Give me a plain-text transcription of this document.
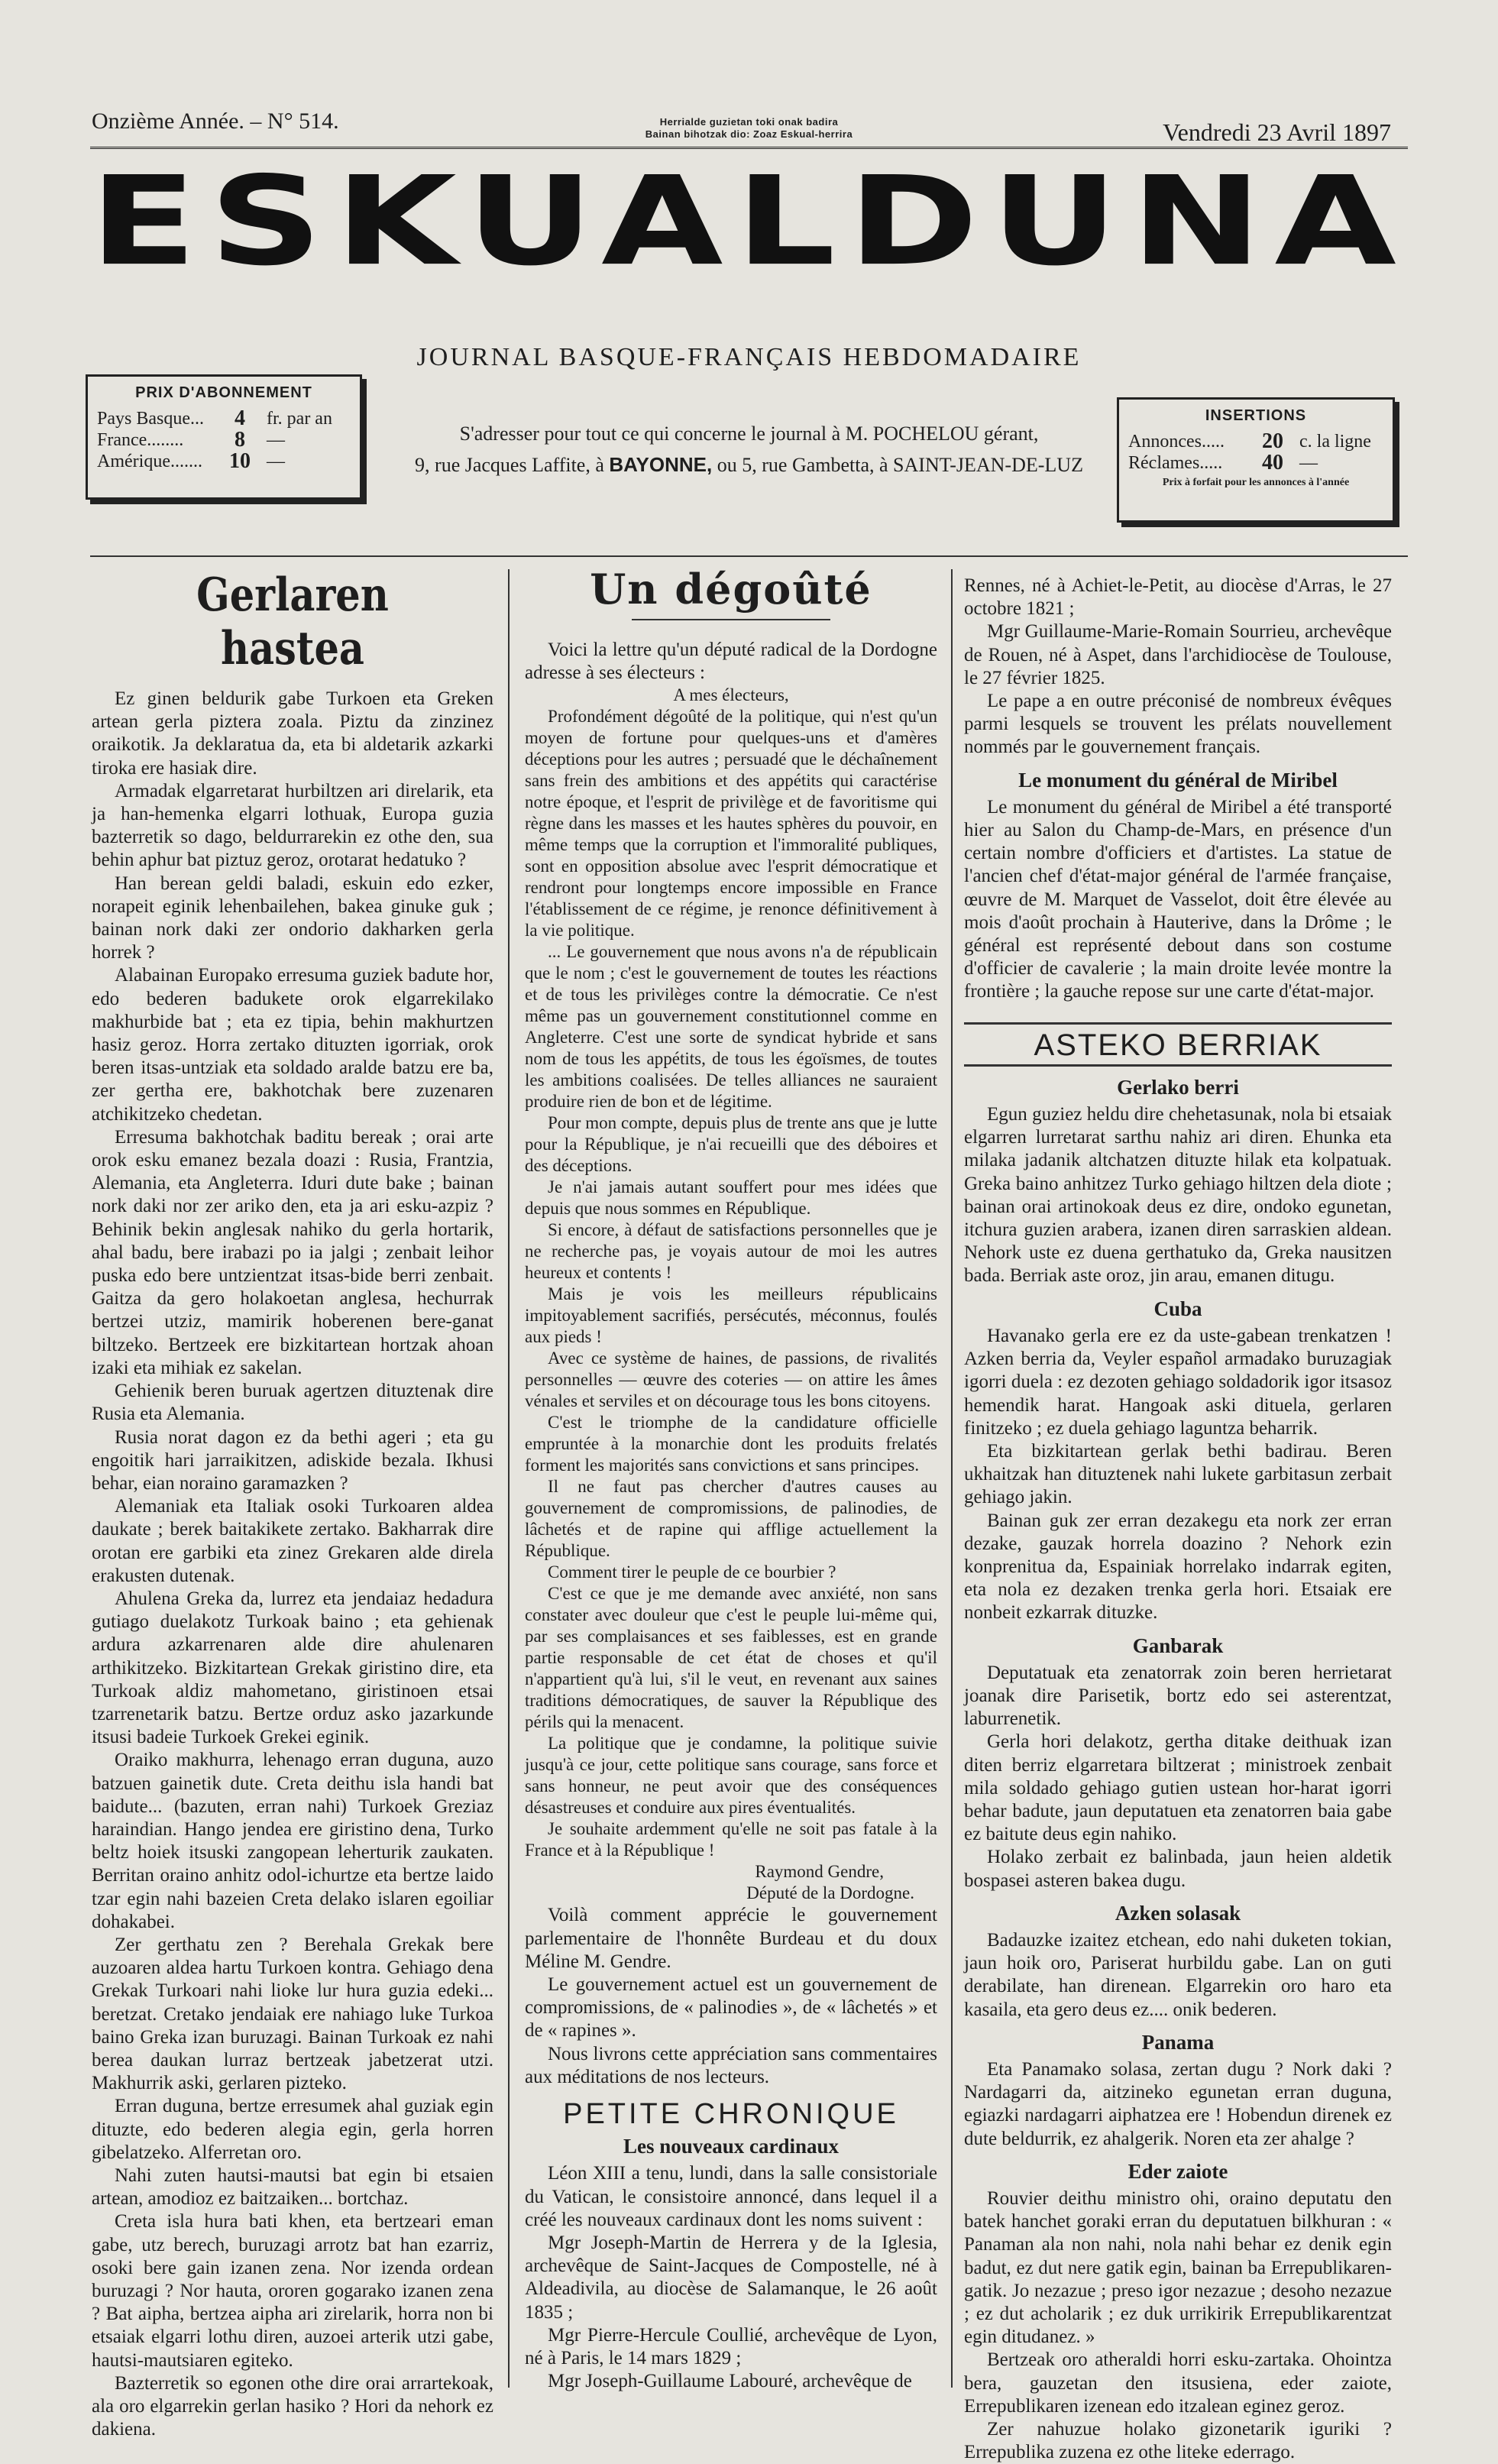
Onzième Année. – N° 514.	Herrialde guzietan toki onak badira
Bainan bihotzak dio: Zoaz Eskual-herrira	Vendredi 23 Avril 1897
ESKUALDUNA
JOURNAL BASQUE-FRANÇAIS HEBDOMADAIRE
PRIX D'ABONNEMENT
Pays Basque...	4	fr. par an
France........	8	—
Amérique.......	10 —
S'adresser pour tout ce qui concerne le journal à M. POCHELOU gérant,
9, rue Jacques Laffite, à BAYONNE, ou 5, rue Gambetta, à SAINT-JEAN-DE-LUZ
INSERTIONS
Annonces.....	20 c. la ligne
Réclames.....	40 —
Prix à forfait pour les annonces à l'année
Gerlaren hastea

Ez ginen beldurik gabe Turkoen eta Greken artean gerla piztera zoala. Piztu da zinzinez oraikotik. Ja deklaratua da, eta bi aldetarik azkarki tiroka ere hasiak dire.

Armadak elgarretarat hurbiltzen ari direlarik, eta ja han-hemenka elgarri lothuak, Europa guzia bazterretik so dago, beldurrarekin ez othe den, sua behin aphur bat piztuz geroz, orotarat hedatuko ?

Han berean geldi baladi, eskuin edo ezker, norapeit eginik lehenbailehen, bakea ginuke guk ; bainan nork daki zer ondorio dakharken gerla horrek ?

Alabainan Europako erresuma guziek badute hor, edo bederen badukete orok elgarrekilako makhurbide bat ; eta ez tipia, behin makhurtzen hasiz geroz. Horra zertako dituzten igorriak, orok beren itsas-untziak eta soldado aralde batzu ere ba, zer gertha ere, bakhotchak bere zuzenaren atchikitzeko chedetan.

Erresuma bakhotchak baditu bereak ; orai arte orok esku emanez bezala doazi : Rusia, Frantzia, Alemania, eta Angleterra. Iduri dute bake ; bainan nork daki nor zer ariko den, eta ja ari esku-azpiz ? Behinik bekin anglesak nahiko du gerla hortarik, ahal badu, bere irabazi po ia jalgi ; zenbait leihor puska edo bere untzientzat itsas-bide berri zenbait. Gaitza da gero holakoetan anglesa, hechurrak bertzei utziz, mamirik hoberenen bere-ganat biltzeko. Bertzeek ere bizkitartean hortzak ahoan izaki eta mihiak ez sakelan.

Gehienik beren buruak agertzen dituztenak dire Rusia eta Alemania.

Rusia norat dagon ez da bethi ageri ; eta gu engoitik hari jarraikitzen, adiskide bezala. Ikhusi behar, eian noraino garamazken ?

Alemaniak eta Italiak osoki Turkoaren aldea daukate ; berek baitakikete zertako. Bakharrak dire orotan ere garbiki eta zinez Grekaren alde direla erakusten dutenak.

Ahulena Greka da, lurrez eta jendaiaz hedadura gutiago duelakotz Turkoak baino ; eta gehienak ardura azkarrenaren alde dire ahulenaren arthikitzeko. Bizkitartean Grekak giristino dire, eta Turkoak aldiz mahometano, giristinoen etsai tzarrenetarik batzu. Bertze orduz asko jazarkunde itsusi badeie Turkoek Grekei eginik.

Oraiko makhurra, lehenago erran duguna, auzo batzuen gainetik dute. Creta deithu isla handi bat baidute... (bazuten, erran nahi) Turkoek Greziaz haraindian. Hango jendea ere giristino dena, Turko beltz hoiek itsuski zangopean leherturik zaukaten. Berritan oraino anhitz odol-ichurtze eta bertze laido tzar egin nahi bazeien Creta delako islaren egoiliar dohakabei.

Zer gerthatu zen ? Berehala Grekak bere auzoaren aldea hartu Turkoen kontra. Gehiago dena Grekak Turkoari nahi lioke lur hura guzia edeki... beretzat. Cretako jendaiak ere nahiago luke Turkoa baino Greka izan buruzagi. Bainan Turkoak ez nahi berea daukan lurraz bertzeak jabetzerat utzi. Makhurrik aski, gerlaren pizteko.

Erran duguna, bertze erresumek ahal guziak egin dituzte, edo bederen alegia egin, gerla horren gibelatzeko. Alferretan oro.

Nahi zuten hautsi-mautsi bat egin bi etsaien artean, amodioz ez baitzaiken... bortchaz.

Creta isla hura bati khen, eta bertzeari eman gabe, utz berech, buruzagi arrotz bat han ezarriz, osoki bere gain izanen zena. Nor izenda ordean buruzagi ? Nor hauta, ororen gogarako izanen zena ? Bat aipha, bertzea aipha ari zirelarik, horra non bi etsaiak elgarri lothu diren, auzoei arterik utzi gabe, hautsi-mautsiaren egiteko.

Bazterretik so egonen othe dire orai arrartekoak, ala oro elgarrekin gerlan hasiko ? Hori da nehork ez dakiena.

Un dégoûté

Voici la lettre qu'un député radical de la Dordogne adresse à ses électeurs :

A mes électeurs,

Profondément dégoûté de la politique, qui n'est qu'un moyen de fortune pour quelques-uns et d'amères déceptions pour les autres ; persuadé que le déchaînement sans frein des ambitions et des appétits qui caractérise notre époque, et l'esprit de privilège et de favoritisme qui règne dans les masses et les hautes sphères du pouvoir, en même temps que la corruption et l'immoralité publiques, sont en opposition absolue avec l'esprit démocratique et rendront pour longtemps encore impossible en France l'établissement de ce régime, je renonce définitivement à la vie politique.

... Le gouvernement que nous avons n'a de républicain que le nom ; c'est le gouvernement de toutes les réactions et de tous les privilèges contre la démocratie. Ce n'est même pas un gouvernement constitutionnel comme en Angleterre. C'est une sorte de syndicat hybride et sans nom de tous les appétits, de tous les égoïsmes, de toutes les ambitions coalisées. De telles alliances ne sauraient produire rien de bon et de légitime.

Pour mon compte, depuis plus de trente ans que je lutte pour la République, je n'ai recueilli que des déboires et des déceptions.

Je n'ai jamais autant souffert pour mes idées que depuis que nous sommes en République.

Si encore, à défaut de satisfactions personnelles que je ne recherche pas, je voyais autour de moi les autres heureux et contents !

Mais je vois les meilleurs républicains impitoyablement sacrifiés, persécutés, méconnus, foulés aux pieds !

Avec ce système de haines, de passions, de rivalités personnelles — œuvre des coteries — on attire les âmes vénales et serviles et on décourage tous les bons citoyens.

C'est le triomphe de la candidature officielle empruntée à la monarchie dont les produits frelatés forment les majorités sans convictions et sans principes.

Il ne faut pas chercher d'autres causes au gouvernement de compromissions, de palinodies, de lâchetés et de rapine qui afflige actuellement la République.

Comment tirer le peuple de ce bourbier ?

C'est ce que je me demande avec anxiété, non sans constater avec douleur que c'est le peuple lui-même qui, par ses complaisances et ses faiblesses, est en grande partie responsable de cet état de choses et qu'il n'appartient qu'à lui, s'il le veut, en revenant aux saines traditions démocratiques, de sauver la République des périls qui la menacent.

La politique que je condamne, la politique suivie jusqu'à ce jour, cette politique sans courage, sans force et sans honneur, ne peut avoir que des conséquences désastreuses et conduire aux pires éventualités.

Je souhaite ardemment qu'elle ne soit pas fatale à la France et à la République !

Raymond Gendre,

Député de la Dordogne.

Voilà comment apprécie le gouvernement parlementaire de l'honnête Burdeau et du doux Méline M. Gendre.

Le gouvernement actuel est un gouvernement de compromissions, de « palinodies », de « lâchetés » et de « rapines ».

Nous livrons cette appréciation sans commentaires aux méditations de nos lecteurs.

PETITE CHRONIQUE
Les nouveaux cardinaux

Léon XIII a tenu, lundi, dans la salle consistoriale du Vatican, le consistoire annoncé, dans lequel il a créé les nouveaux cardinaux dont les noms suivent :

Mgr Joseph-Martin de Herrera y de la Iglesia, archevêque de Saint-Jacques de Compostelle, né à Aldeadivila, au diocèse de Salamanque, le 26 août 1835 ;

Mgr Pierre-Hercule Coullié, archevêque de Lyon, né à Paris, le 14 mars 1829 ;

Mgr Joseph-Guillaume Labouré, archevêque de

Rennes, né à Achiet-le-Petit, au diocèse d'Arras, le 27 octobre 1821 ;

Mgr Guillaume-Marie-Romain Sourrieu, archevêque de Rouen, né à Aspet, dans l'archidiocèse de Toulouse, le 27 février 1825.

Le pape a en outre préconisé de nombreux évêques parmi lesquels se trouvent les prélats nouvellement nommés par le gouvernement français.

Le monument du général de Miribel

Le monument du général de Miribel a été transporté hier au Salon du Champ-de-Mars, en présence d'un certain nombre d'officiers et d'artistes. La statue de l'ancien chef d'état-major général de l'armée française, œuvre de M. Marquet de Vasselot, doit être élevée au mois d'août prochain à Hauterive, dans la Drôme ; le général est représenté debout dans son costume d'officier de cavalerie ; la main droite levée montre la frontière ; la gauche repose sur une carte d'état-major.

ASTEKO BERRIAK
Gerlako berri

Egun guziez heldu dire chehetasunak, nola bi etsaiak elgarren lurretarat sarthu nahiz ari diren. Ehunka eta milaka jadanik altchatzen dituzte hilak eta kolpatuak. Greka baino anhitzez Turko gehiago hiltzen dela diote ; bainan orai artinokoak deus ez dire, ondoko egunetan, itchura guzien arabera, izanen diren sarraskien aldean. Nehork uste ez duena gerthatuko da, Greka nausitzen bada. Berriak aste oroz, jin arau, emanen ditugu.

Cuba

Havanako gerla ere ez da uste-gabean trenkatzen ! Azken berria da, Veyler español armadako buruzagiak igorri duela : ez dezoten gehiago soldadorik igor itsasoz hemendik harat. Hangoak aski dituela, gerlaren finitzeko ; ez duela gehiago laguntza beharrik.

Eta bizkitartean gerlak bethi badirau. Beren ukhaitzak han dituztenek nahi lukete garbitasun zerbait gehiago jakin.

Bainan guk zer erran dezakegu eta nork zer erran dezake, gauzak horrela doazino ? Nehork ezin konprenitua da, Espainiak horrelako indarrak egiten, eta nola ez dezaken trenka gerla hori. Etsaiak ere nonbeit ezkarrak dituzke.

Ganbarak

Deputatuak eta zenatorrak zoin beren herrietarat joanak dire Parisetik, bortz edo sei asterentzat, laburrenetik.

Gerla hori delakotz, gertha ditake deithuak izan diten berriz elgarretara biltzerat ; ministroek zenbait mila soldado gehiago gutien ustean hor-harat igorri behar badute, jaun deputatuen eta zenatorren baia gabe ez baitute deus egin nahiko.

Holako zerbait ez balinbada, jaun heien aldetik bospasei asteren bakea dugu.

Azken solasak

Badauzke izaitez etchean, edo nahi duketen tokian, jaun hoik oro, Pariserat hurbildu gabe. Lan on guti derabilate, han direnean. Elgarrekin oro haro eta kasaila, eta gero deus ez.... onik bederen.

Panama

Eta Panamako solasa, zertan dugu ? Nork daki ? Nardagarri da, aitzineko egunetan erran duguna, egiazki nardagarri aiphatzea ere ! Hobendun direnek ez dute beldurrik, ez ahalgerik. Noren eta zer ahalge ?

Eder zaiote

Rouvier deithu ministro ohi, oraino deputatu den batek hanchet goraki erran du deputatuen bilkhuran : « Panaman ala non nahi, nola nahi behar ez denik egin badut, ez dut nere gatik egin, bainan ba Errepublikaren-gatik. Jo nezazue ; preso igor nezazue ; desoho nezazue ; ez dut acholarik ; ez duk urrikirik Errepublikarentzat egin ditudanez. »

Bertzeak oro atheraldi horri esku-zartaka. Ohointza bera, gauzetan den itsusiena, eder zaiote, Errepublikaren izenean edo itzalean eginez geroz.

Zer nahuzue holako gizonetarik iguriki ? Errepublika zuzena ez othe liteke ederrago.
